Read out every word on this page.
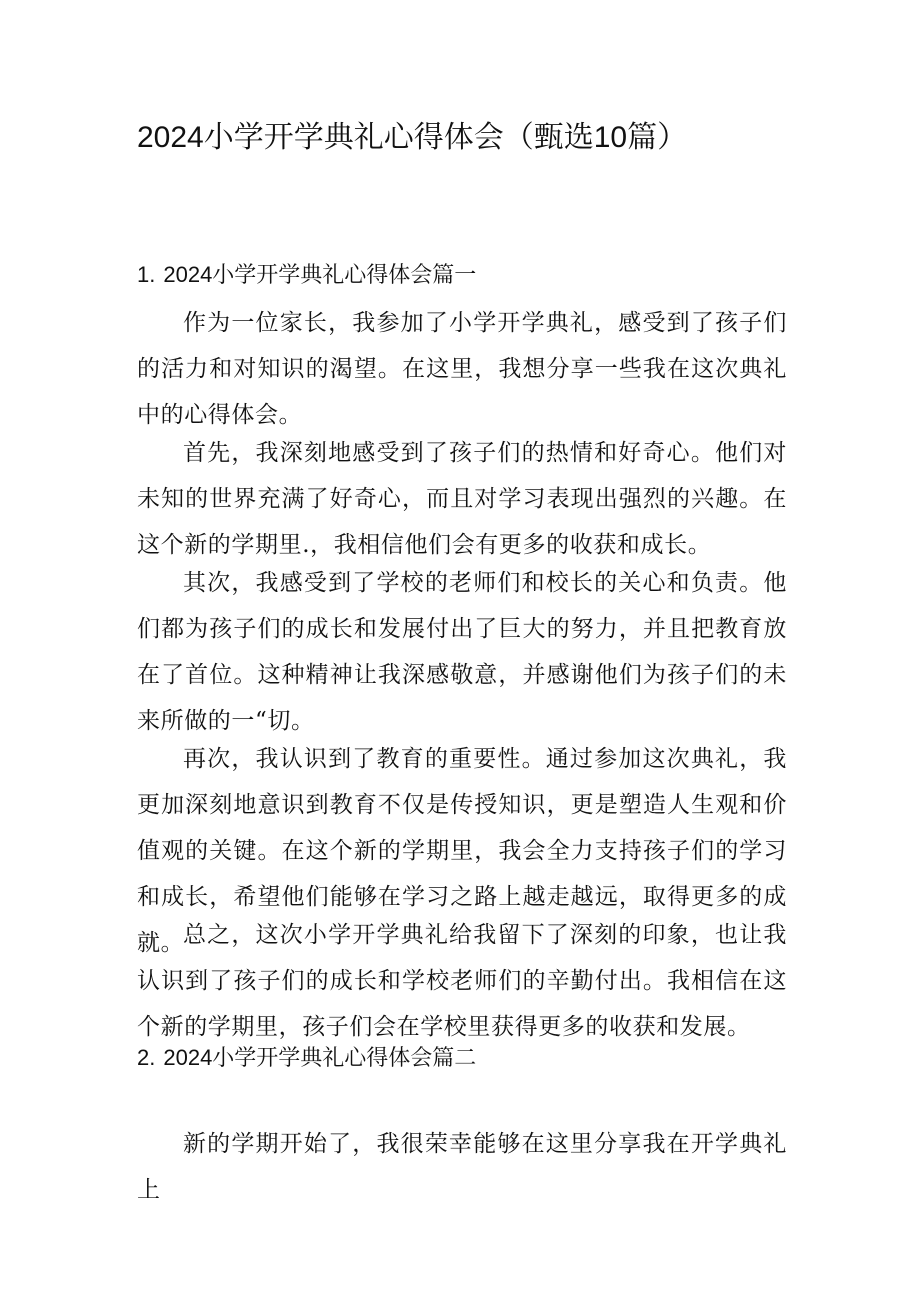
2024小学开学典礼心得体会（甄选10篇）
1. 2024小学开学典礼心得体会篇一

作为一位家长，我参加了小学开学典礼，感受到了孩子们的活力和对知识的渴望。在这里，我想分享一些我在这次典礼中的心得体会。

首先，我深刻地感受到了孩子们的热情和好奇心。他们对未知的世界充满了好奇心，而且对学习表现出强烈的兴趣。在这个新的学期里.，我相信他们会有更多的收获和成长。

其次，我感受到了学校的老师们和校长的关心和负责。他们都为孩子们的成长和发展付出了巨大的努力，并且把教育放在了首位。这种精神让我深感敬意，并感谢他们为孩子们的未来所做的一“切。

再次，我认识到了教育的重要性。通过参加这次典礼，我更加深刻地意识到教育不仅是传授知识，更是塑造人生观和价值观的关键。在这个新的学期里，我会全力支持孩子们的学习和成长，希望他们能够在学习之路上越走越远，取得更多的成就。

总之，这次小学开学典礼给我留下了深刻的印象，也让我认识到了孩子们的成长和学校老师们的辛勤付出。我相信在这个新的学期里，孩子们会在学校里获得更多的收获和发展。

2. 2024小学开学典礼心得体会篇二

新的学期开始了，我很荣幸能够在这里分享我在开学典礼上
